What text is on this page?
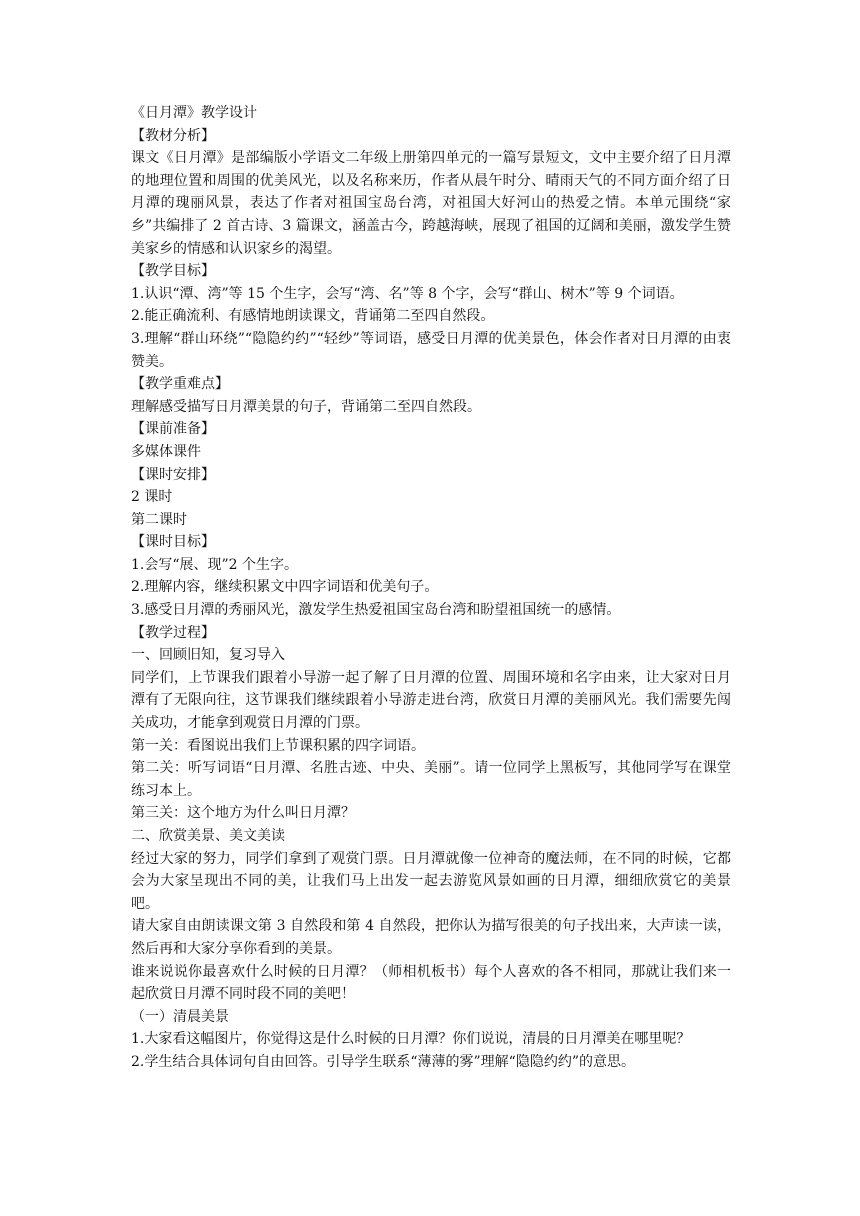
《日月潭》教学设计

【教材分析】

课文《日月潭》是部编版小学语文二年级上册第四单元的一篇写景短文，文中主要介绍了日月潭的地理位置和周围的优美风光，以及名称来历，作者从晨午时分、晴雨天气的不同方面介绍了日月潭的瑰丽风景，表达了作者对祖国宝岛台湾，对祖国大好河山的热爱之情。本单元围绕“家乡”共编排了 2 首古诗、3 篇课文，涵盖古今，跨越海峡，展现了祖国的辽阔和美丽，激发学生赞美家乡的情感和认识家乡的渴望。

【教学目标】

1.认识“潭、湾”等 15 个生字，会写“湾、名”等 8 个字，会写“群山、树木”等 9 个词语。

2.能正确流利、有感情地朗读课文，背诵第二至四自然段。

3.理解“群山环绕”“隐隐约约”“轻纱”等词语，感受日月潭的优美景色，体会作者对日月潭的由衷赞美。

【教学重难点】

理解感受描写日月潭美景的句子，背诵第二至四自然段。

【课前准备】

多媒体课件

【课时安排】

2 课时

第二课时

【课时目标】

1.会写“展、现”2 个生字。

2.理解内容，继续积累文中四字词语和优美句子。

3.感受日月潭的秀丽风光，激发学生热爱祖国宝岛台湾和盼望祖国统一的感情。

【教学过程】

一、回顾旧知，复习导入

同学们，上节课我们跟着小导游一起了解了日月潭的位置、周围环境和名字由来，让大家对日月潭有了无限向往，这节课我们继续跟着小导游走进台湾，欣赏日月潭的美丽风光。我们需要先闯关成功，才能拿到观赏日月潭的门票。

第一关：看图说出我们上节课积累的四字词语。

第二关：听写词语“日月潭、名胜古迹、中央、美丽”。请一位同学上黑板写，其他同学写在课堂练习本上。

第三关：这个地方为什么叫日月潭？

二、欣赏美景、美文美读

经过大家的努力，同学们拿到了观赏门票。日月潭就像一位神奇的魔法师，在不同的时候，它都会为大家呈现出不同的美，让我们马上出发一起去游览风景如画的日月潭，细细欣赏它的美景吧。

请大家自由朗读课文第 3 自然段和第 4 自然段，把你认为描写很美的句子找出来，大声读一读，然后再和大家分享你看到的美景。

谁来说说你最喜欢什么时候的日月潭？（师相机板书）每个人喜欢的各不相同，那就让我们来一起欣赏日月潭不同时段不同的美吧！

（一）清晨美景

1.大家看这幅图片，你觉得这是什么时候的日月潭？你们说说，清晨的日月潭美在哪里呢？

2.学生结合具体词句自由回答。引导学生联系“薄薄的雾”理解“隐隐约约”的意思。
